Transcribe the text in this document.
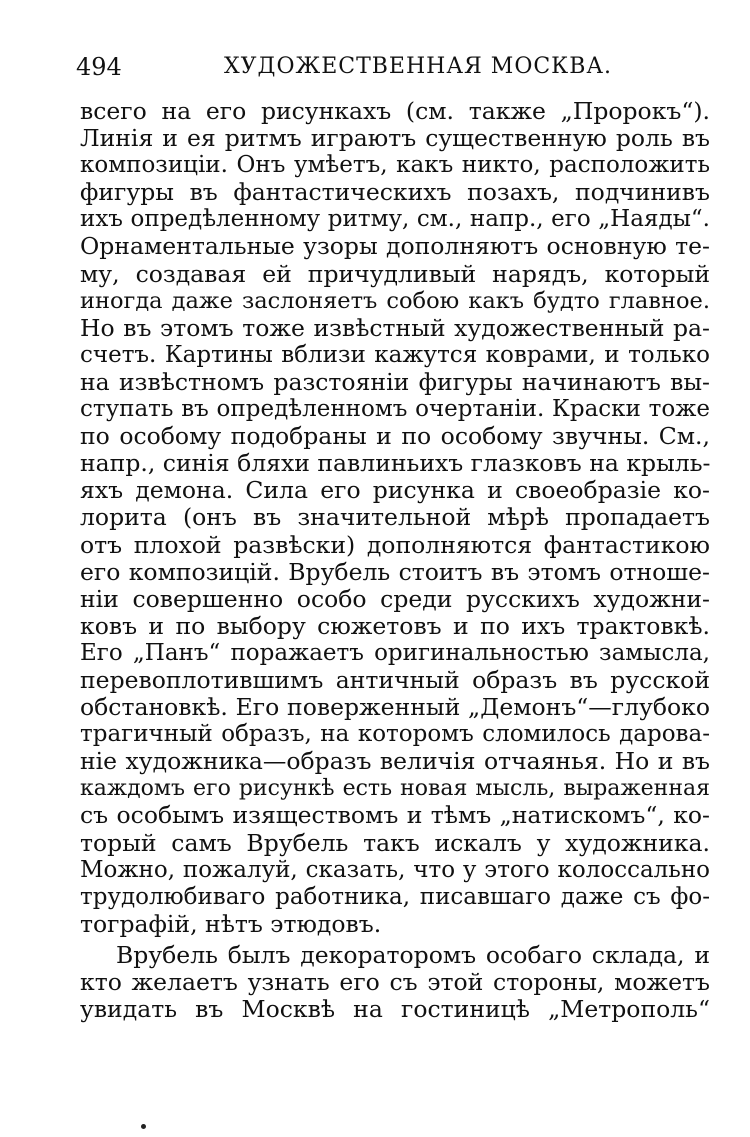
494	ХУДОЖЕСТВЕННАЯ МОСКВА.
всего на его рисункахъ (см. также „Пророкъ“).
Линія и ея ритмъ играютъ существенную роль въ
композиціи. Онъ умѣетъ, какъ никто, расположить
фигуры въ фантастическихъ позахъ, подчинивъ
ихъ опредѣленному ритму, см., напр., его „Наяды“.
Орнаментальные узоры дополняютъ основную те-
му, создавая ей причудливый нарядъ, который
иногда даже заслоняетъ собою какъ будто главное.
Но въ этомъ тоже извѣстный художественный ра-
счетъ. Картины вблизи кажутся коврами, и только
на извѣстномъ разстояніи фигуры начинаютъ вы-
ступать въ опредѣленномъ очертаніи. Краски тоже
по особому подобраны и по особому звучны. См.,
напр., синія бляхи павлиньихъ глазковъ на крыль-
яхъ демона. Сила его рисунка и своеобразіе ко-
лорита (онъ въ значительной мѣрѣ пропадаетъ
отъ плохой развѣски) дополняются фантастикою
его композицій. Врубель стоитъ въ этомъ отноше-
ніи совершенно особо среди русскихъ художни-
ковъ и по выбору сюжетовъ и по ихъ трактовкѣ.
Его „Панъ“ поражаетъ оригинальностью замысла,
перевоплотившимъ античный образъ въ русской
обстановкѣ. Его поверженный „Демонъ“—глубоко
трагичный образъ, на которомъ сломилось дарова-
ніе художника—образъ величія отчаянья. Но и въ
каждомъ его рисункѣ есть новая мысль, выраженная
съ особымъ изяществомъ и тѣмъ „натискомъ“, ко-
торый самъ Врубель такъ искалъ у художника.
Можно, пожалуй, сказать, что у этого колоссально
трудолюбиваго работника, писавшаго даже съ фо-
тографій, нѣтъ этюдовъ.
Врубель былъ декораторомъ особаго склада, и
кто желаетъ узнать его съ этой стороны, можетъ
увидать въ Москвѣ на гостиницѣ „Метрополь“
